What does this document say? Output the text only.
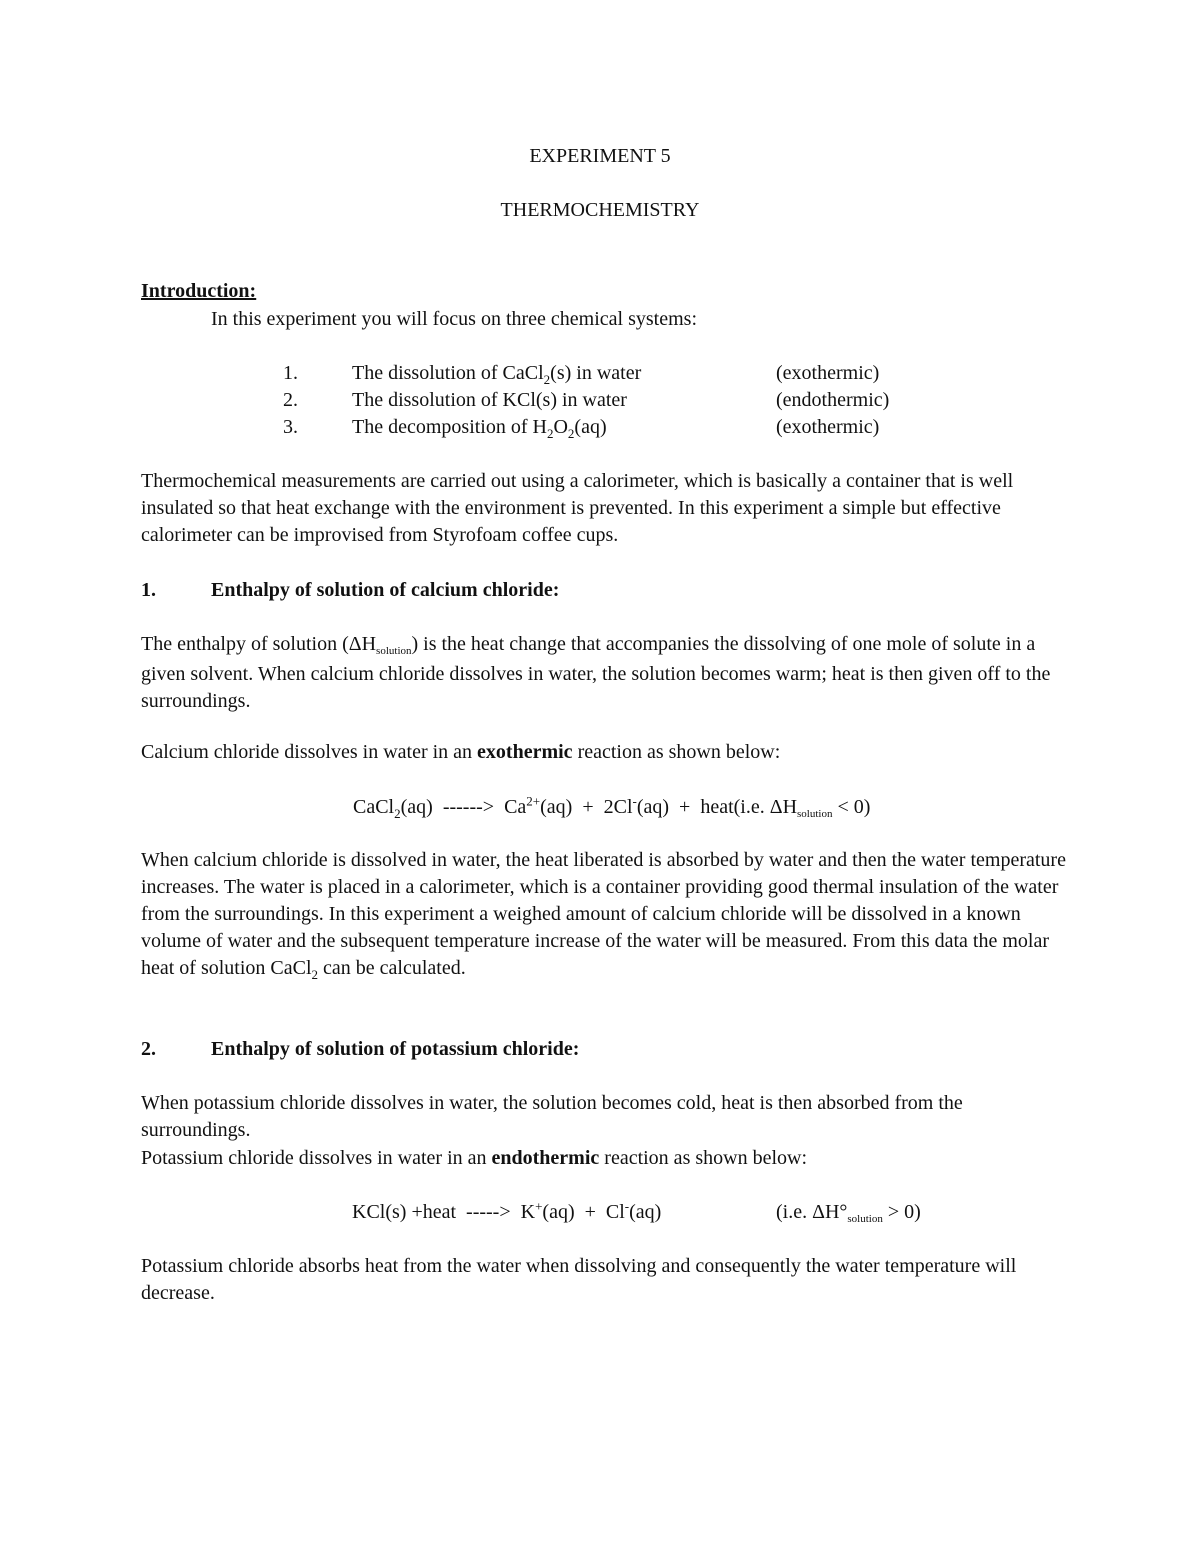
EXPERIMENT 5
THERMOCHEMISTRY
Introduction:
In this experiment you will focus on three chemical systems:
1.	The dissolution of CaCl$_2$(s) in water	(exothermic)
2.	The dissolution of KCl(s) in water	(endothermic)
3.	The decomposition of $H_2O_2(aq)$	(exothermic)
Thermochemical measurements are carried out using a calorimeter, which is basically a container that is well insulated so that heat exchange with the environment is prevented. In this experiment a simple but effective calorimeter can be improvised from Styrofoam coffee cups.
1.	Enthalpy of solution of calcium chloride:
The enthalpy of solution $(\Delta H_{solution})$ is the heat change that accompanies the dissolving of one mole of solute in a given solvent. When calcium chloride dissolves in water, the solution becomes warm; heat is then given off to the surroundings.
Calcium chloride dissolves in water in an exothermic reaction as shown below:
CaCl$_2$(aq)  ------>  $Ca^{2+}(aq) + 2Cl^-(aq)$  +  heat(i.e. $\Delta H_{solution} < 0$)
When calcium chloride is dissolved in water, the heat liberated is absorbed by water and then the water temperature increases. The water is placed in a calorimeter, which is a container providing good thermal insulation of the water from the surroundings. In this experiment a weighed amount of calcium chloride will be dissolved in a known volume of water and the subsequent temperature increase of the water will be measured. From this data the molar heat of solution CaCl$_2$ can be calculated.
2.	Enthalpy of solution of potassium chloride:
When potassium chloride dissolves in water, the solution becomes cold, heat is then absorbed from the surroundings.
Potassium chloride dissolves in water in an endothermic reaction as shown below:
KCl(s) +heat  ----->  K+(aq)  +  Cl-(aq)	(i.e. $\Delta H^\circ_{solution} > 0$)
Potassium chloride absorbs heat from the water when dissolving and consequently the water temperature will decrease.
